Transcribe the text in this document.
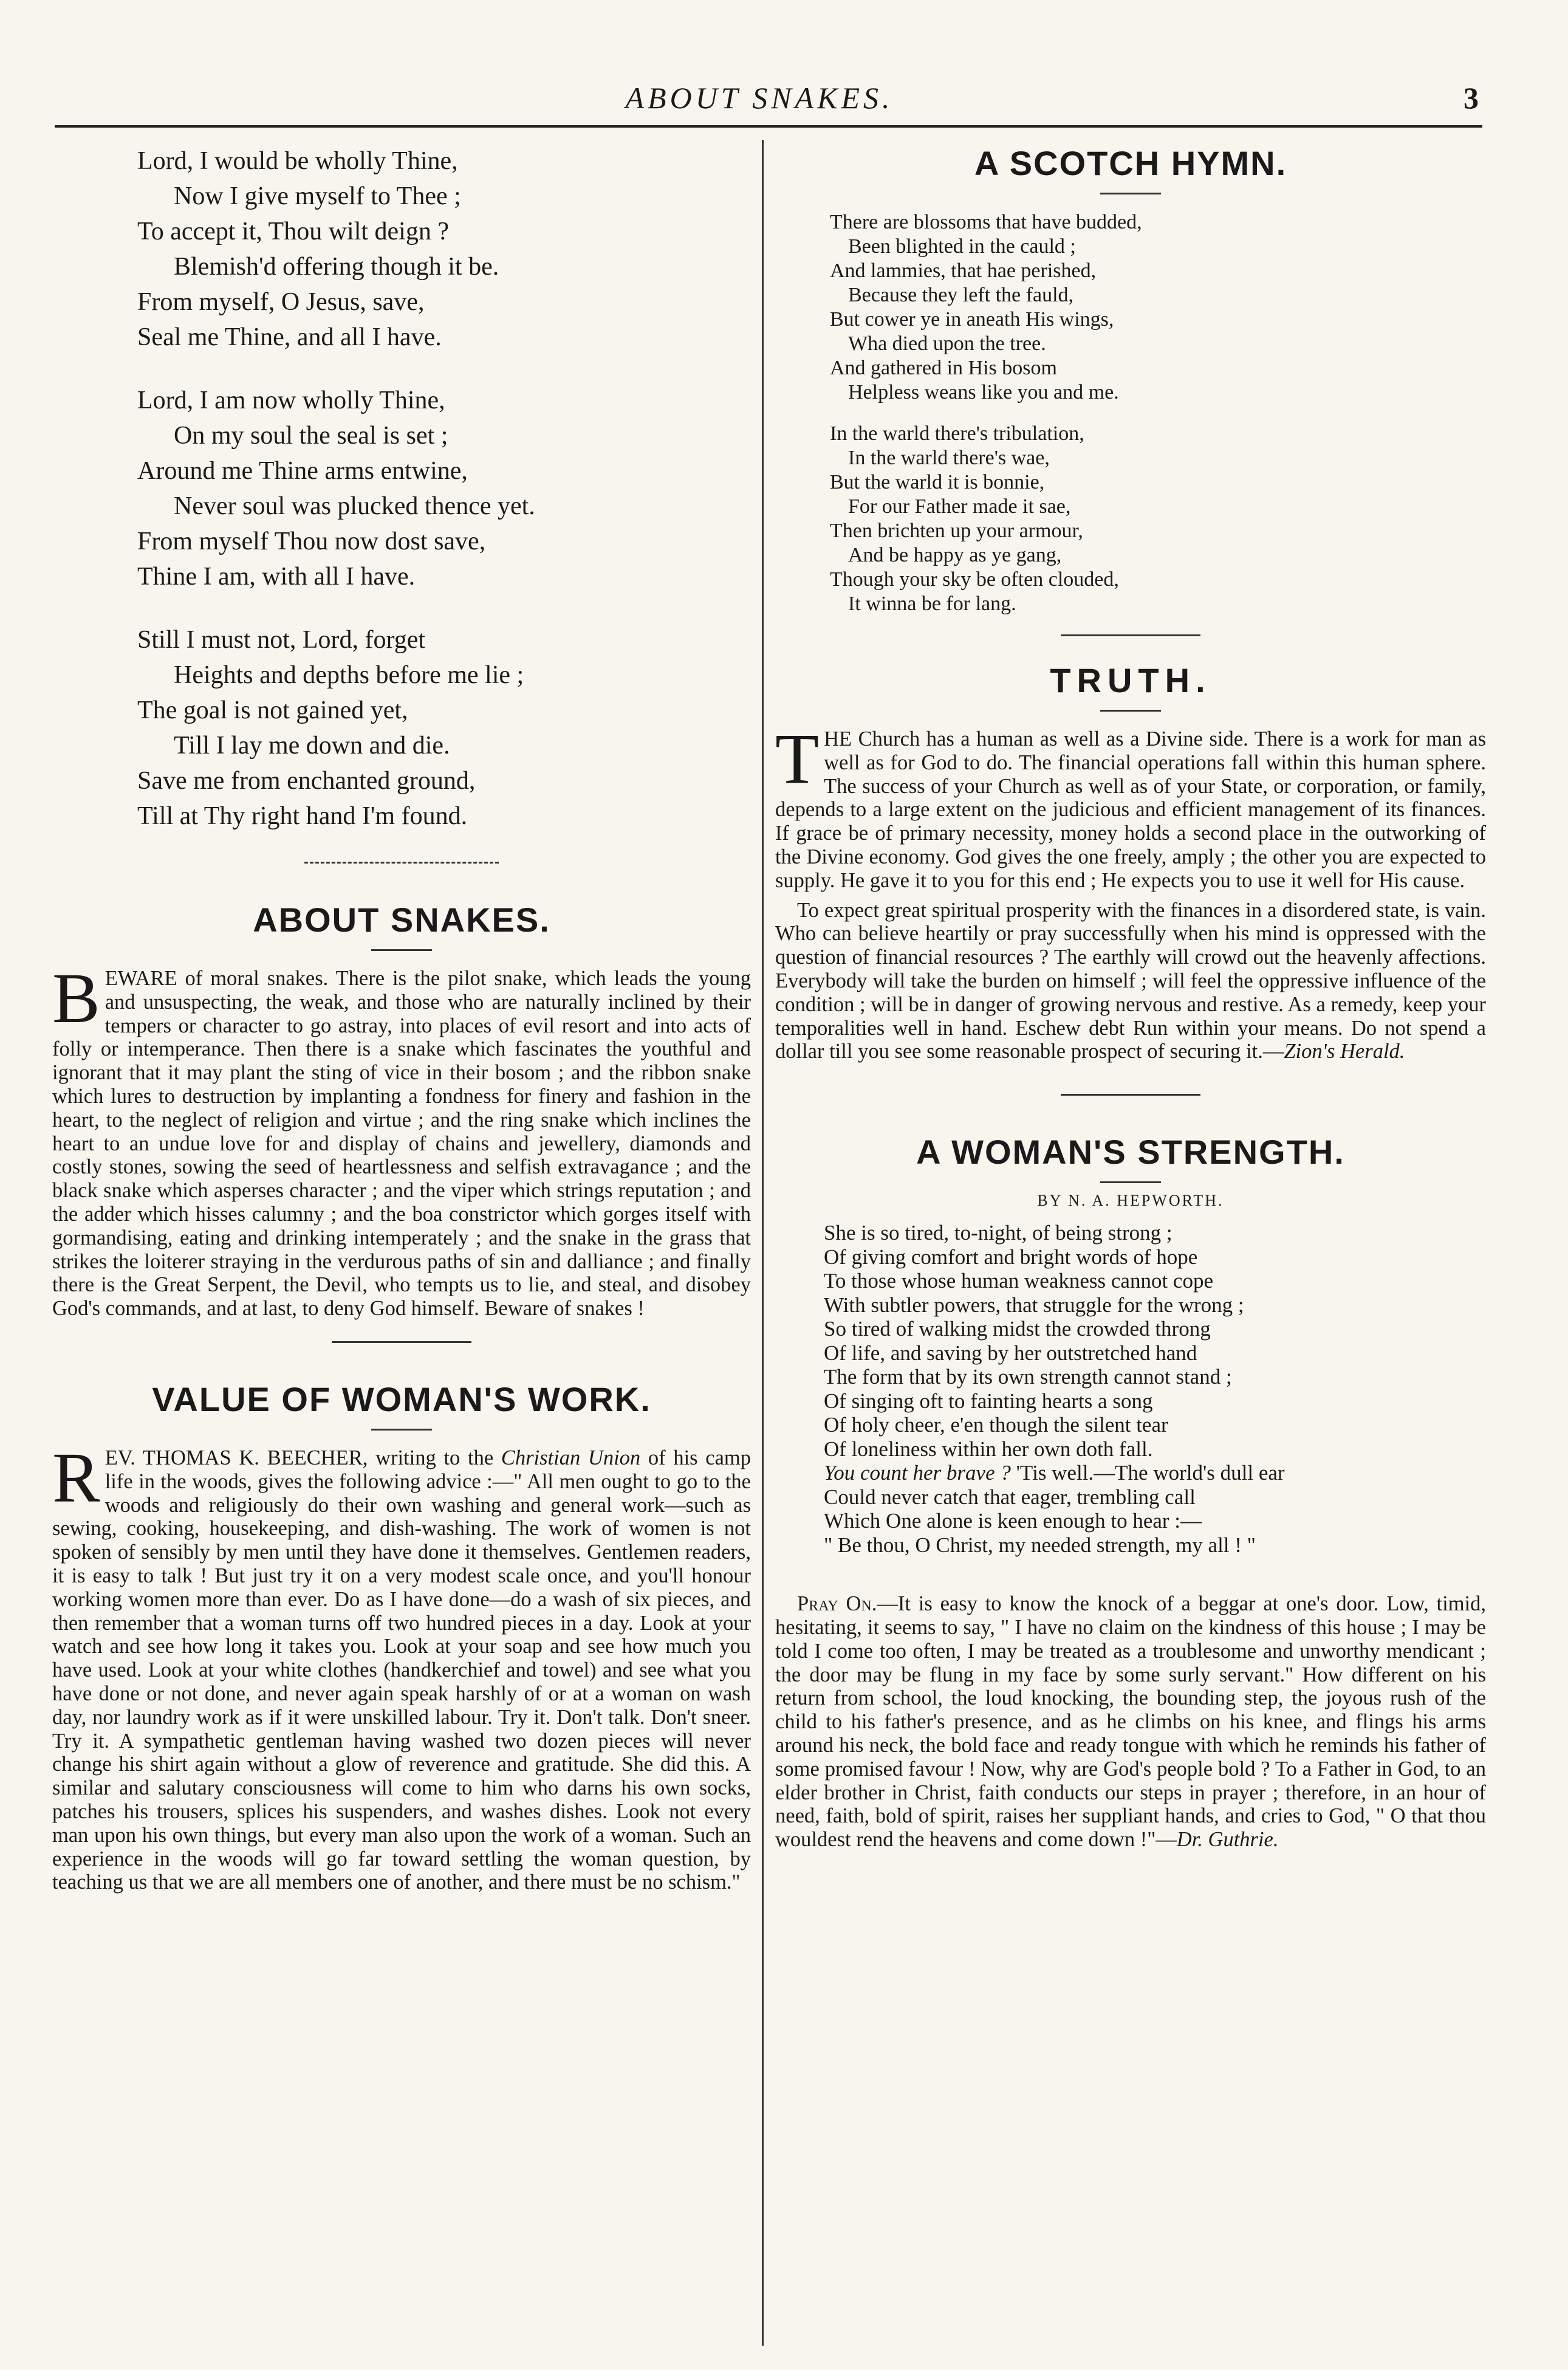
ABOUT SNAKES.	3
Lord, I would be wholly Thine,
Now I give myself to Thee ;
To accept it, Thou wilt deign ?
Blemish'd offering though it be.
From myself, O Jesus, save,
Seal me Thine, and all I have.
Lord, I am now wholly Thine,
On my soul the seal is set ;
Around me Thine arms entwine,
Never soul was plucked thence yet.
From myself Thou now dost save,
Thine I am, with all I have.
Still I must not, Lord, forget
Heights and depths before me lie ;
The goal is not gained yet,
Till I lay me down and die.
Save me from enchanted ground,
Till at Thy right hand I'm found.
ABOUT SNAKES.

BEWARE of moral snakes. There is the pilot snake, which leads the young and unsuspecting, the weak, and those who are naturally inclined by their tempers or character to go astray, into places of evil resort and into acts of folly or intemperance. Then there is a snake which fascinates the youthful and ignorant that it may plant the sting of vice in their bosom ; and the ribbon snake which lures to destruction by implanting a fondness for finery and fashion in the heart, to the neglect of religion and virtue ; and the ring snake which inclines the heart to an undue love for and display of chains and jewellery, diamonds and costly stones, sowing the seed of heartlessness and selfish extravagance ; and the black snake which asperses character ; and the viper which strings reputation ; and the adder which hisses calumny ; and the boa constrictor which gorges itself with gormandising, eating and drinking intemperately ; and the snake in the grass that strikes the loiterer straying in the verdurous paths of sin and dalliance ; and finally there is the Great Serpent, the Devil, who tempts us to lie, and steal, and disobey God's commands, and at last, to deny God himself. Beware of snakes !

VALUE OF WOMAN'S WORK.

REV. THOMAS K. BEECHER, writing to the Christian Union of his camp life in the woods, gives the following advice :—" All men ought to go to the woods and religiously do their own washing and general work—such as sewing, cooking, housekeeping, and dish-washing. The work of women is not spoken of sensibly by men until they have done it themselves. Gentlemen readers, it is easy to talk ! But just try it on a very modest scale once, and you'll honour working women more than ever. Do as I have done—do a wash of six pieces, and then remember that a woman turns off two hundred pieces in a day. Look at your watch and see how long it takes you. Look at your soap and see how much you have used. Look at your white clothes (handkerchief and towel) and see what you have done or not done, and never again speak harshly of or at a woman on wash day, nor laundry work as if it were unskilled labour. Try it. Don't talk. Don't sneer. Try it. A sympathetic gentleman having washed two dozen pieces will never change his shirt again without a glow of reverence and gratitude. She did this. A similar and salutary consciousness will come to him who darns his own socks, patches his trousers, splices his suspenders, and washes dishes. Look not every man upon his own things, but every man also upon the work of a woman. Such an experience in the woods will go far toward settling the woman question, by teaching us that we are all members one of another, and there must be no schism."

A SCOTCH HYMN.
There are blossoms that have budded,
Been blighted in the cauld ;
And lammies, that hae perished,
Because they left the fauld,
But cower ye in aneath His wings,
Wha died upon the tree.
And gathered in His bosom
Helpless weans like you and me.
In the warld there's tribulation,
In the warld there's wae,
But the warld it is bonnie,
For our Father made it sae,
Then brichten up your armour,
And be happy as ye gang,
Though your sky be often clouded,
It winna be for lang.
TRUTH.

THE Church has a human as well as a Divine side. There is a work for man as well as for God to do. The financial operations fall within this human sphere. The success of your Church as well as of your State, or corporation, or family, depends to a large extent on the judicious and efficient management of its finances. If grace be of primary necessity, money holds a second place in the outworking of the Divine economy. God gives the one freely, amply ; the other you are expected to supply. He gave it to you for this end ; He expects you to use it well for His cause.

To expect great spiritual prosperity with the finances in a disordered state, is vain. Who can believe heartily or pray successfully when his mind is oppressed with the question of financial resources ? The earthly will crowd out the heavenly affections. Everybody will take the burden on himself ; will feel the oppressive influence of the condition ; will be in danger of growing nervous and restive. As a remedy, keep your temporalities well in hand. Eschew debt Run within your means. Do not spend a dollar till you see some reasonable prospect of securing it.—Zion's Herald.

A WOMAN'S STRENGTH.
BY N. A. HEPWORTH.
She is so tired, to-night, of being strong ;
Of giving comfort and bright words of hope
To those whose human weakness cannot cope
With subtler powers, that struggle for the wrong ;
So tired of walking midst the crowded throng
Of life, and saving by her outstretched hand
The form that by its own strength cannot stand ;
Of singing oft to fainting hearts a song
Of holy cheer, e'en though the silent tear
Of loneliness within her own doth fall.
You count her brave ? 'Tis well.—The world's dull ear
Could never catch that eager, trembling call
Which One alone is keen enough to hear :—
" Be thou, O Christ, my needed strength, my all ! "

Pray On.—It is easy to know the knock of a beggar at one's door. Low, timid, hesitating, it seems to say, " I have no claim on the kindness of this house ; I may be told I come too often, I may be treated as a troublesome and unworthy mendicant ; the door may be flung in my face by some surly servant." How different on his return from school, the loud knocking, the bounding step, the joyous rush of the child to his father's presence, and as he climbs on his knee, and flings his arms around his neck, the bold face and ready tongue with which he reminds his father of some promised favour ! Now, why are God's people bold ? To a Father in God, to an elder brother in Christ, faith conducts our steps in prayer ; therefore, in an hour of need, faith, bold of spirit, raises her suppliant hands, and cries to God, " O that thou wouldest rend the heavens and come down !"—Dr. Guthrie.
